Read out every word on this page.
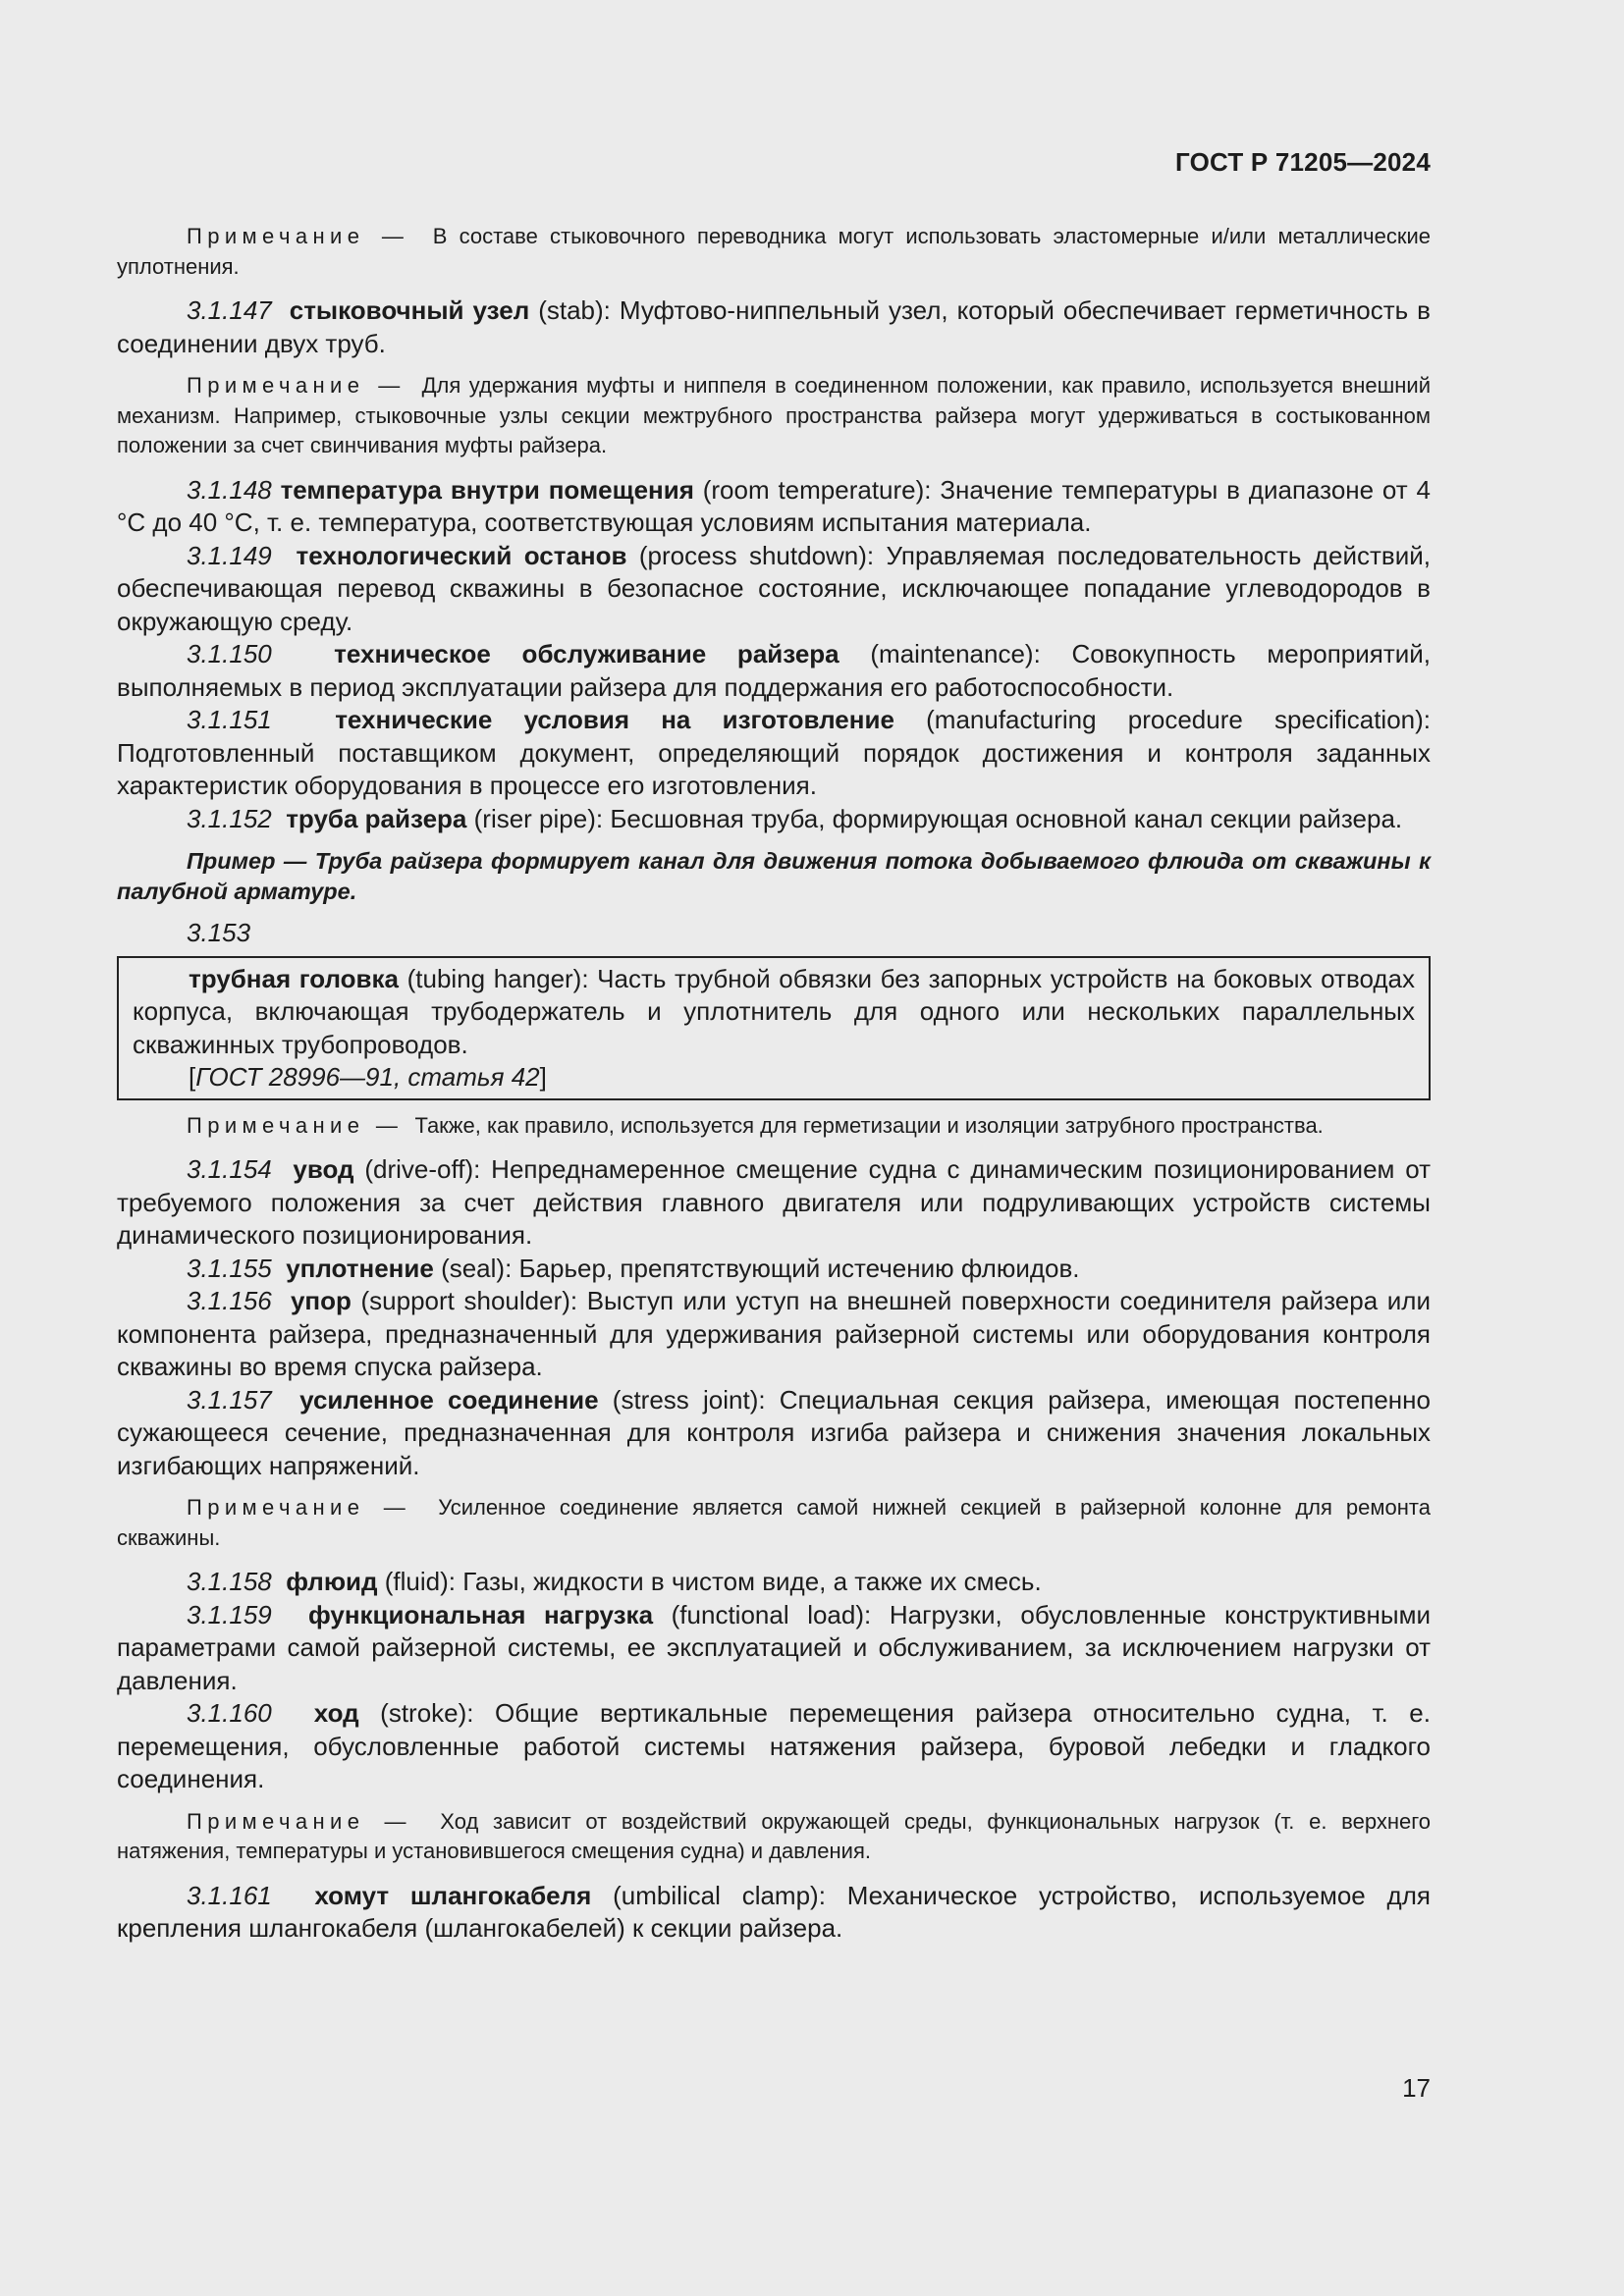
ГОСТ Р 71205—2024

Примечание — В составе стыковочного переводника могут использовать эластомерные и/или металлические уплотнения.

3.1.147 стыковочный узел (stab): Муфтово-ниппельный узел, который обеспечивает герметичность в соединении двух труб.

Примечание — Для удержания муфты и ниппеля в соединенном положении, как правило, используется внешний механизм. Например, стыковочные узлы секции межтрубного пространства райзера могут удерживаться в состыкованном положении за счет свинчивания муфты райзера.

3.1.148 температура внутри помещения (room temperature): Значение температуры в диапазоне от 4 °С до 40 °С, т. е. температура, соответствующая условиям испытания материала.

3.1.149 технологический останов (process shutdown): Управляемая последовательность действий, обеспечивающая перевод скважины в безопасное состояние, исключающее попадание углеводородов в окружающую среду.

3.1.150 техническое обслуживание райзера (maintenance): Совокупность мероприятий, выполняемых в период эксплуатации райзера для поддержания его работоспособности.

3.1.151 технические условия на изготовление (manufacturing procedure specification): Подготовленный поставщиком документ, определяющий порядок достижения и контроля заданных характеристик оборудования в процессе его изготовления.

3.1.152 труба райзера (riser pipe): Бесшовная труба, формирующая основной канал секции райзера.

Пример — Труба райзера формирует канал для движения потока добываемого флюида от скважины к палубной арматуре.

3.153

трубная головка (tubing hanger): Часть трубной обвязки без запорных устройств на боковых отводах корпуса, включающая трубодержатель и уплотнитель для одного или нескольких параллельных скважинных трубопроводов.

[ГОСТ 28996—91, статья 42]

Примечание — Также, как правило, используется для герметизации и изоляции затрубного пространства.

3.1.154 увод (drive-off): Непреднамеренное смещение судна с динамическим позиционированием от требуемого положения за счет действия главного двигателя или подруливающих устройств системы динамического позиционирования.

3.1.155 уплотнение (seal): Барьер, препятствующий истечению флюидов.

3.1.156 упор (support shoulder): Выступ или уступ на внешней поверхности соединителя райзера или компонента райзера, предназначенный для удерживания райзерной системы или оборудования контроля скважины во время спуска райзера.

3.1.157 усиленное соединение (stress joint): Специальная секция райзера, имеющая постепенно сужающееся сечение, предназначенная для контроля изгиба райзера и снижения значения локальных изгибающих напряжений.

Примечание — Усиленное соединение является самой нижней секцией в райзерной колонне для ремонта скважины.

3.1.158 флюид (fluid): Газы, жидкости в чистом виде, а также их смесь.

3.1.159 функциональная нагрузка (functional load): Нагрузки, обусловленные конструктивными параметрами самой райзерной системы, ее эксплуатацией и обслуживанием, за исключением нагрузки от давления.

3.1.160 ход (stroke): Общие вертикальные перемещения райзера относительно судна, т. е. перемещения, обусловленные работой системы натяжения райзера, буровой лебедки и гладкого соединения.

Примечание — Ход зависит от воздействий окружающей среды, функциональных нагрузок (т. е. верхнего натяжения, температуры и установившегося смещения судна) и давления.

3.1.161 хомут шлангокабеля (umbilical clamp): Механическое устройство, используемое для крепления шлангокабеля (шлангокабелей) к секции райзера.

17
